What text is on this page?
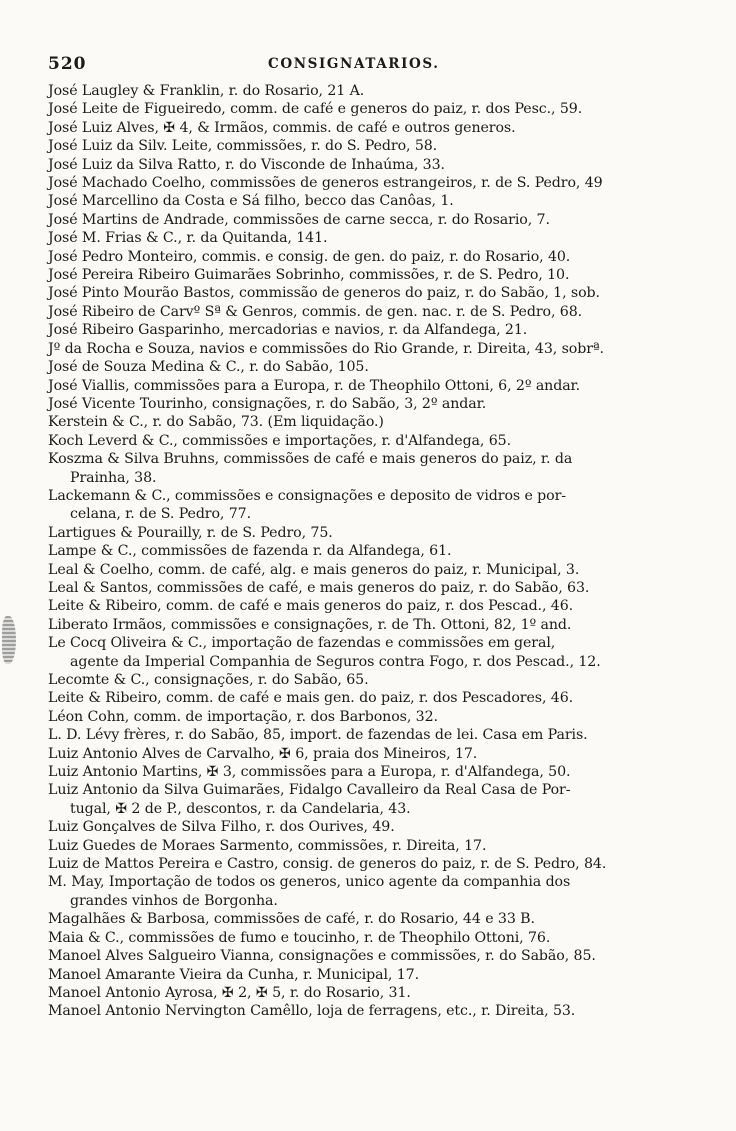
520	CONSIGNATARIOS.
José Laugley & Franklin, r. do Rosario, 21 A.
José Leite de Figueiredo, comm. de café e generos do paiz, r. dos Pesc., 59.
José Luiz Alves, ✠ 4, & Irmãos, commis. de café e outros generos.
José Luiz da Silv. Leite, commissões, r. do S. Pedro, 58.
José Luiz da Silva Ratto, r. do Visconde de Inhaúma, 33.
José Machado Coelho, commissões de generos estrangeiros, r. de S. Pedro, 49
José Marcellino da Costa e Sá filho, becco das Canôas, 1.
José Martins de Andrade, commissões de carne secca, r. do Rosario, 7.
José M. Frias & C., r. da Quitanda, 141.
José Pedro Monteiro, commis. e consig. de gen. do paiz, r. do Rosario, 40.
José Pereira Ribeiro Guimarães Sobrinho, commissões, r. de S. Pedro, 10.
José Pinto Mourão Bastos, commissão de generos do paiz, r. do Sabão, 1, sob.
José Ribeiro de Carvº Sª & Genros, commis. de gen. nac. r. de S. Pedro, 68.
José Ribeiro Gasparinho, mercadorias e navios, r. da Alfandega, 21.
Jº da Rocha e Souza, navios e commissões do Rio Grande, r. Direita, 43, sobrª.
José de Souza Medina & C., r. do Sabão, 105.
José Viallis, commissões para a Europa, r. de Theophilo Ottoni, 6, 2º andar.
José Vicente Tourinho, consignações, r. do Sabão, 3, 2º andar.
Kerstein & C., r. do Sabão, 73. (Em liquidação.)
Koch Leverd & C., commissões e importações, r. d'Alfandega, 65.
Koszma & Silva Bruhns, commissões de café e mais generos do paiz, r. da
Prainha, 38.
Lackemann & C., commissões e consignações e deposito de vidros e por-
celana, r. de S. Pedro, 77.
Lartigues & Pourailly, r. de S. Pedro, 75.
Lampe & C., commissões de fazenda r. da Alfandega, 61.
Leal & Coelho, comm. de café, alg. e mais generos do paiz, r. Municipal, 3.
Leal & Santos, commissões de café, e mais generos do paiz, r. do Sabão, 63.
Leite & Ribeiro, comm. de café e mais generos do paiz, r. dos Pescad., 46.
Liberato Irmãos, commissões e consignações, r. de Th. Ottoni, 82, 1º and.
Le Cocq Oliveira & C., importação de fazendas e commissões em geral,
agente da Imperial Companhia de Seguros contra Fogo, r. dos Pescad., 12.
Lecomte & C., consignações, r. do Sabão, 65.
Leite & Ribeiro, comm. de café e mais gen. do paiz, r. dos Pescadores, 46.
Léon Cohn, comm. de importação, r. dos Barbonos, 32.
L. D. Lévy frères, r. do Sabão, 85, import. de fazendas de lei. Casa em Paris.
Luiz Antonio Alves de Carvalho, ✠ 6, praia dos Mineiros, 17.
Luiz Antonio Martins, ✠ 3, commissões para a Europa, r. d'Alfandega, 50.
Luiz Antonio da Silva Guimarães, Fidalgo Cavalleiro da Real Casa de Por-
tugal, ✠ 2 de P., descontos, r. da Candelaria, 43.
Luiz Gonçalves de Silva Filho, r. dos Ourives, 49.
Luiz Guedes de Moraes Sarmento, commissões, r. Direita, 17.
Luiz de Mattos Pereira e Castro, consig. de generos do paiz, r. de S. Pedro, 84.
M. May, Importação de todos os generos, unico agente da companhia dos
grandes vinhos de Borgonha.
Magalhães & Barbosa, commissões de café, r. do Rosario, 44 e 33 B.
Maia & C., commissões de fumo e toucinho, r. de Theophilo Ottoni, 76.
Manoel Alves Salgueiro Vianna, consignações e commissões, r. do Sabão, 85.
Manoel Amarante Vieira da Cunha, r. Municipal, 17.
Manoel Antonio Ayrosa, ✠ 2, ✠ 5, r. do Rosario, 31.
Manoel Antonio Nervington Camêllo, loja de ferragens, etc., r. Direita, 53.
